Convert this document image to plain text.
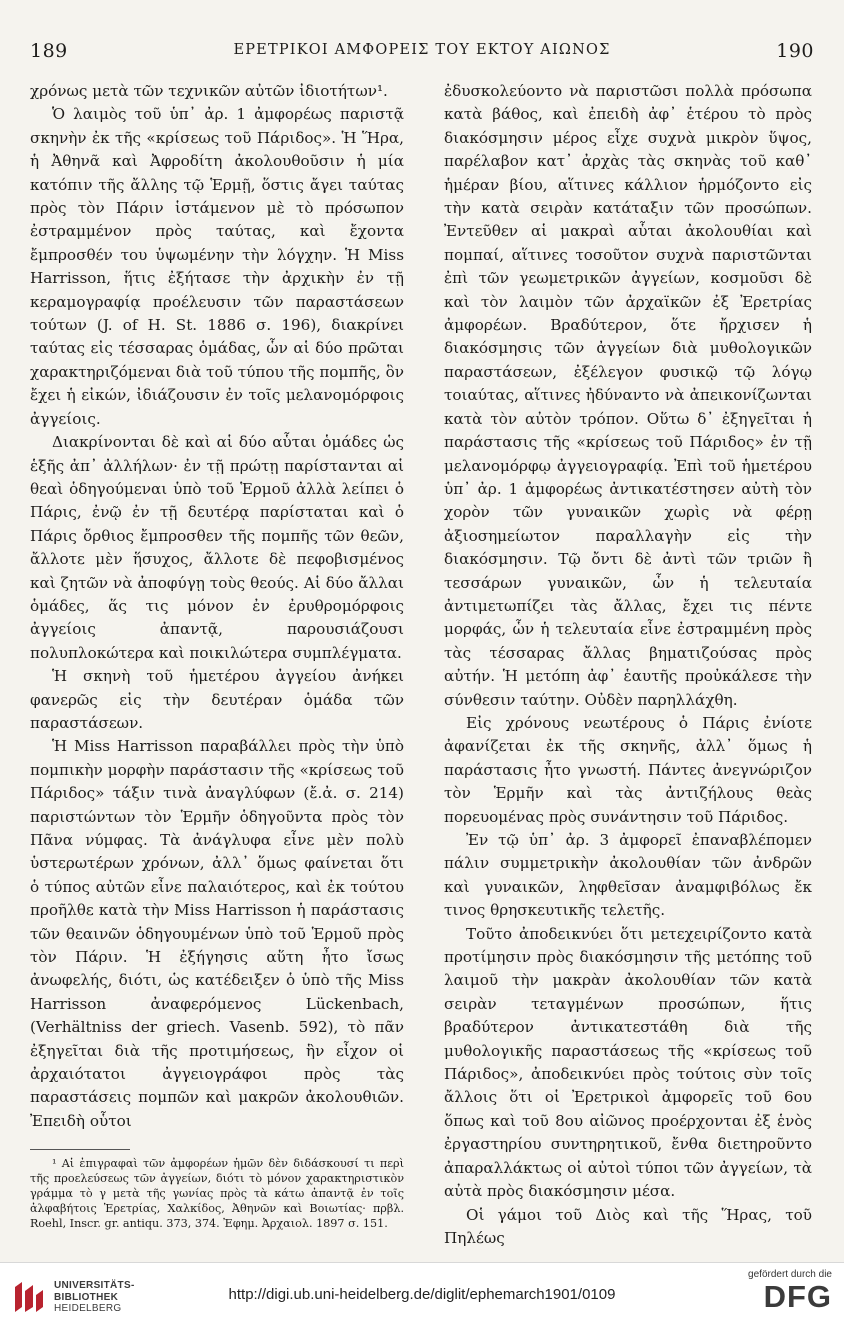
189	ΕΡΕΤΡΙΚΟΙ ΑΜΦΟΡΕΙΣ ΤΟΥ ΕΚΤΟΥ ΑΙΩΝΟΣ	190

χρόνως μετὰ τῶν τεχνικῶν αὐτῶν ἰδιοτήτων¹.

Ὁ λαιμὸς τοῦ ὑπ᾽ ἀρ. 1 ἀμφορέως παριστᾷ σκηνὴν ἐκ τῆς «κρίσεως τοῦ Πάριδος». Ἡ Ἥρα, ἡ Ἀθηνᾶ καὶ Ἀφροδίτη ἀκολουθοῦσιν ἡ μία κατόπιν τῆς ἄλλης τῷ Ἑρμῇ, ὅστις ἄγει ταύτας πρὸς τὸν Πάριν ἱστάμενον μὲ τὸ πρόσωπον ἐστραμμένον πρὸς ταύτας, καὶ ἔχοντα ἔμπροσθέν του ὑψωμένην τὴν λόγχην. Ἡ Miss Harrisson, ἥτις ἐξήτασε τὴν ἀρχικὴν ἐν τῇ κεραμογραφίᾳ προέλευσιν τῶν παραστάσεων τούτων (J. of H. St. 1886 σ. 196), διακρίνει ταύτας εἰς τέσσαρας ὁμάδας, ὧν αἱ δύο πρῶται χαρακτηριζόμεναι διὰ τοῦ τύπου τῆς πομπῆς, ὃν ἔχει ἡ εἰκών, ἰδιάζουσιν ἐν τοῖς μελανομόρφοις ἀγγείοις.

Διακρίνονται δὲ καὶ αἱ δύο αὗται ὁμάδες ὡς ἑξῆς ἀπ᾽ ἀλλήλων· ἐν τῇ πρώτῃ παρίστανται αἱ θεαὶ ὁδηγούμεναι ὑπὸ τοῦ Ἑρμοῦ ἀλλὰ λείπει ὁ Πάρις, ἐνῷ ἐν τῇ δευτέρᾳ παρίσταται καὶ ὁ Πάρις ὄρθιος ἔμπροσθεν τῆς πομπῆς τῶν θεῶν, ἄλλοτε μὲν ἥσυχος, ἄλλοτε δὲ πεφοβισμένος καὶ ζητῶν νὰ ἀποφύγῃ τοὺς θεούς. Αἱ δύο ἄλλαι ὁμάδες, ἅς τις μόνον ἐν ἐρυθρομόρφοις ἀγγείοις ἀπαντᾷ, παρουσιάζουσι πολυπλοκώτερα καὶ ποικιλώτερα συμπλέγματα.

Ἡ σκηνὴ τοῦ ἡμετέρου ἀγγείου ἀνήκει φανερῶς εἰς τὴν δευτέραν ὁμάδα τῶν παραστάσεων.

Ἡ Miss Harrisson παραβάλλει πρὸς τὴν ὑπὸ πομπικὴν μορφὴν παράστασιν τῆς «κρίσεως τοῦ Πάριδος» τάξιν τινὰ ἀναγλύφων (ἔ.ἀ. σ. 214) παριστώντων τὸν Ἑρμῆν ὁδηγοῦντα πρὸς τὸν Πᾶνα νύμφας. Τὰ ἀνάγλυφα εἶνε μὲν πολὺ ὑστερωτέρων χρόνων, ἀλλ᾽ ὅμως φαίνεται ὅτι ὁ τύπος αὐτῶν εἶνε παλαιότερος, καὶ ἐκ τούτου προῆλθε κατὰ τὴν Miss Harrisson ἡ παράστασις τῶν θεαινῶν ὁδηγουμένων ὑπὸ τοῦ Ἑρμοῦ πρὸς τὸν Πάριν. Ἡ ἐξήγησις αὕτη ἦτο ἴσως ἀνωφελής, διότι, ὡς κατέδειξεν ὁ ὑπὸ τῆς Miss Harrisson ἀναφερόμενος Lückenbach, (Verhältniss der griech. Vasenb. 592), τὸ πᾶν ἐξηγεῖται διὰ τῆς προτιμήσεως, ἣν εἶχον οἱ ἀρχαιότατοι ἀγγειογράφοι πρὸς τὰς παραστάσεις πομπῶν καὶ μακρῶν ἀκολουθιῶν. Ἐπειδὴ οὗτοι

¹ Αἱ ἐπιγραφαὶ τῶν ἀμφορέων ἡμῶν δὲν διδάσκουσί τι περὶ τῆς προελεύσεως τῶν ἀγγείων, διότι τὸ μόνον χαρακτηριστικὸν γράμμα τὸ γ μετὰ τῆς γωνίας πρὸς τὰ κάτω ἀπαντᾷ ἐν τοῖς ἀλφαβήτοις Ἐρετρίας, Χαλκίδος, Ἀθηνῶν καὶ Βοιωτίας· πρβλ. Roehl, Inscr. gr. antiqu. 373, 374. Ἐφημ. Ἀρχαιολ. 1897 σ. 151.

ἐδυσκολεύοντο νὰ παριστῶσι πολλὰ πρόσωπα κατὰ βάθος, καὶ ἐπειδὴ ἀφ᾽ ἑτέρου τὸ πρὸς διακόσμησιν μέρος εἶχε συχνὰ μικρὸν ὕψος, παρέλαβον κατ᾽ ἀρχὰς τὰς σκηνὰς τοῦ καθ᾽ ἡμέραν βίου, αἵτινες κάλλιον ἡρμόζοντο εἰς τὴν κατὰ σειρὰν κατάταξιν τῶν προσώπων. Ἐντεῦθεν αἱ μακραὶ αὗται ἀκολουθίαι καὶ πομπαί, αἵτινες τοσοῦτον συχνὰ παριστῶνται ἐπὶ τῶν γεωμετρικῶν ἀγγείων, κοσμοῦσι δὲ καὶ τὸν λαιμὸν τῶν ἀρχαϊκῶν ἐξ Ἐρετρίας ἀμφορέων. Βραδύτερον, ὅτε ἤρχισεν ἡ διακόσμησις τῶν ἀγγείων διὰ μυθολογικῶν παραστάσεων, ἐξέλεγον φυσικῷ τῷ λόγῳ τοιαύτας, αἵτινες ἠδύναντο νὰ ἀπεικονίζωνται κατὰ τὸν αὐτὸν τρόπον. Οὕτω δ᾽ ἐξηγεῖται ἡ παράστασις τῆς «κρίσεως τοῦ Πάριδος» ἐν τῇ μελανομόρφῳ ἀγγειογραφίᾳ. Ἐπὶ τοῦ ἡμετέρου ὑπ᾽ ἀρ. 1 ἀμφορέως ἀντικατέστησεν αὐτὴ τὸν χορὸν τῶν γυναικῶν χωρὶς νὰ φέρῃ ἀξιοσημείωτον παραλλαγὴν εἰς τὴν διακόσμησιν. Τῷ ὄντι δὲ ἀντὶ τῶν τριῶν ἢ τεσσάρων γυναικῶν, ὧν ἡ τελευταία ἀντιμετωπίζει τὰς ἄλλας, ἔχει τις πέντε μορφάς, ὧν ἡ τελευταία εἶνε ἐστραμμένη πρὸς τὰς τέσσαρας ἄλλας βηματιζούσας πρὸς αὐτήν. Ἡ μετόπη ἀφ᾽ ἑαυτῆς προὐκάλεσε τὴν σύνθεσιν ταύτην. Οὐδὲν παρηλλάχθη.

Εἰς χρόνους νεωτέρους ὁ Πάρις ἐνίοτε ἀφανίζεται ἐκ τῆς σκηνῆς, ἀλλ᾽ ὅμως ἡ παράστασις ἦτο γνωστή. Πάντες ἀνεγνώριζον τὸν Ἑρμῆν καὶ τὰς ἀντιζήλους θεὰς πορευομένας πρὸς συνάντησιν τοῦ Πάριδος.

Ἐν τῷ ὑπ᾽ ἀρ. 3 ἀμφορεῖ ἐπαναβλέπομεν πάλιν συμμετρικὴν ἀκολουθίαν τῶν ἀνδρῶν καὶ γυναικῶν, ληφθεῖσαν ἀναμφιβόλως ἔκ τινος θρησκευτικῆς τελετῆς.

Τοῦτο ἀποδεικνύει ὅτι μετεχειρίζοντο κατὰ προτίμησιν πρὸς διακόσμησιν τῆς μετόπης τοῦ λαιμοῦ τὴν μακρὰν ἀκολουθίαν τῶν κατὰ σειρὰν τεταγμένων προσώπων, ἥτις βραδύτερον ἀντικατεστάθη διὰ τῆς μυθολογικῆς παραστάσεως τῆς «κρίσεως τοῦ Πάριδος», ἀποδεικνύει πρὸς τούτοις σὺν τοῖς ἄλλοις ὅτι οἱ Ἐρετρικοὶ ἀμφορεῖς τοῦ 6ου ὅπως καὶ τοῦ 8ου αἰῶνος προέρχονται ἐξ ἑνὸς ἐργαστηρίου συντηρητικοῦ, ἔνθα διετηροῦντο ἀπαραλλάκτως οἱ αὐτοὶ τύποι τῶν ἀγγείων, τὰ αὐτὰ πρὸς διακόσμησιν μέσα.

Οἱ γάμοι τοῦ Διὸς καὶ τῆς Ἥρας, τοῦ Πηλέως

UNIVERSITÄTS-
BIBLIOTHEK
HEIDELBERG
http://digi.ub.uni-heidelberg.de/diglit/ephemarch1901/0109
gefördert durch die
DFG
